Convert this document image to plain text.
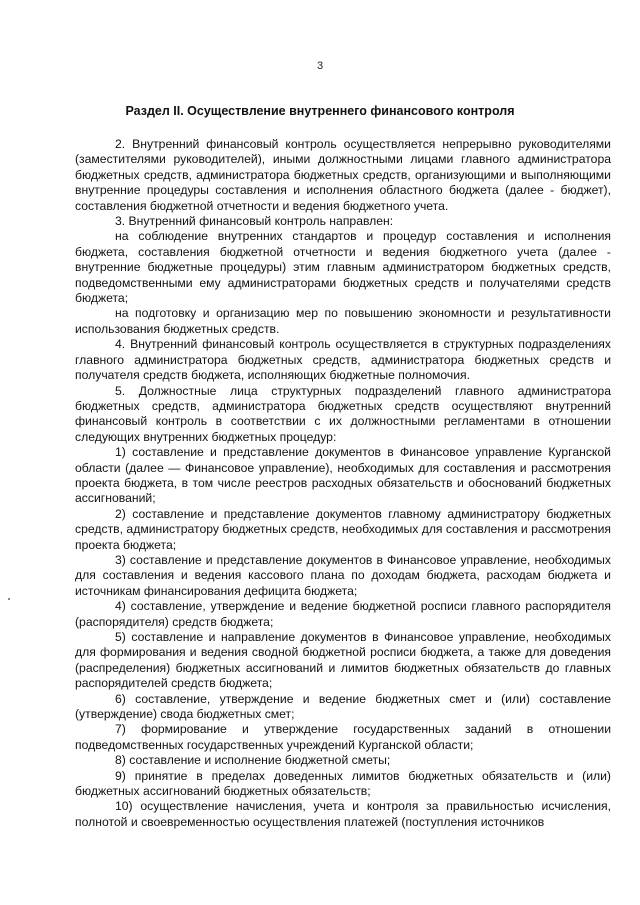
3
Раздел II. Осуществление внутреннего финансового контроля

2. Внутренний финансовый контроль осуществляется непрерывно руководителями (заместителями руководителей), иными должностными лицами главного администратора бюджетных средств, администратора бюджетных средств, организующими и выполняющими внутренние процедуры составления и исполнения областного бюджета (далее - бюджет), составления бюджетной отчетности и ведения бюджетного учета.

3. Внутренний финансовый контроль направлен:

на соблюдение внутренних стандартов и процедур составления и исполнения бюджета, составления бюджетной отчетности и ведения бюджетного учета (далее - внутренние бюджетные процедуры) этим главным администратором бюджетных средств, подведомственными ему администраторами бюджетных средств и получателями средств бюджета;

на подготовку и организацию мер по повышению экономности и результативности использования бюджетных средств.

4. Внутренний финансовый контроль осуществляется в структурных подразделениях главного администратора бюджетных средств, администратора бюджетных средств и получателя средств бюджета, исполняющих бюджетные полномочия.

5. Должностные лица структурных подразделений главного администратора бюджетных средств, администратора бюджетных средств осуществляют внутренний финансовый контроль в соответствии с их должностными регламентами в отношении следующих внутренних бюджетных процедур:

1) составление и представление документов в Финансовое управление Курганской области (далее — Финансовое управление), необходимых для составления и рассмотрения проекта бюджета, в том числе реестров расходных обязательств и обоснований бюджетных ассигнований;

2) составление и представление документов главному администратору бюджетных средств, администратору бюджетных средств, необходимых для составления и рассмотрения проекта бюджета;

3) составление и представление документов в Финансовое управление, необходимых для составления и ведения кассового плана по доходам бюджета, расходам бюджета и источникам финансирования дефицита бюджета;

4) составление, утверждение и ведение бюджетной росписи главного распорядителя (распорядителя) средств бюджета;

5) составление и направление документов в Финансовое управление, необходимых для формирования и ведения сводной бюджетной росписи бюджета, а также для доведения (распределения) бюджетных ассигнований и лимитов бюджетных обязательств до главных распорядителей средств бюджета;

6) составление, утверждение и ведение бюджетных смет и (или) составление (утверждение) свода бюджетных смет;

7) формирование и утверждение государственных заданий в отношении подведомственных государственных учреждений Курганской области;

8) составление и исполнение бюджетной сметы;

9) принятие в пределах доведенных лимитов бюджетных обязательств и (или) бюджетных ассигнований бюджетных обязательств;

10) осуществление начисления, учета и контроля за правильностью исчисления, полнотой и своевременностью осуществления платежей (поступления источников
